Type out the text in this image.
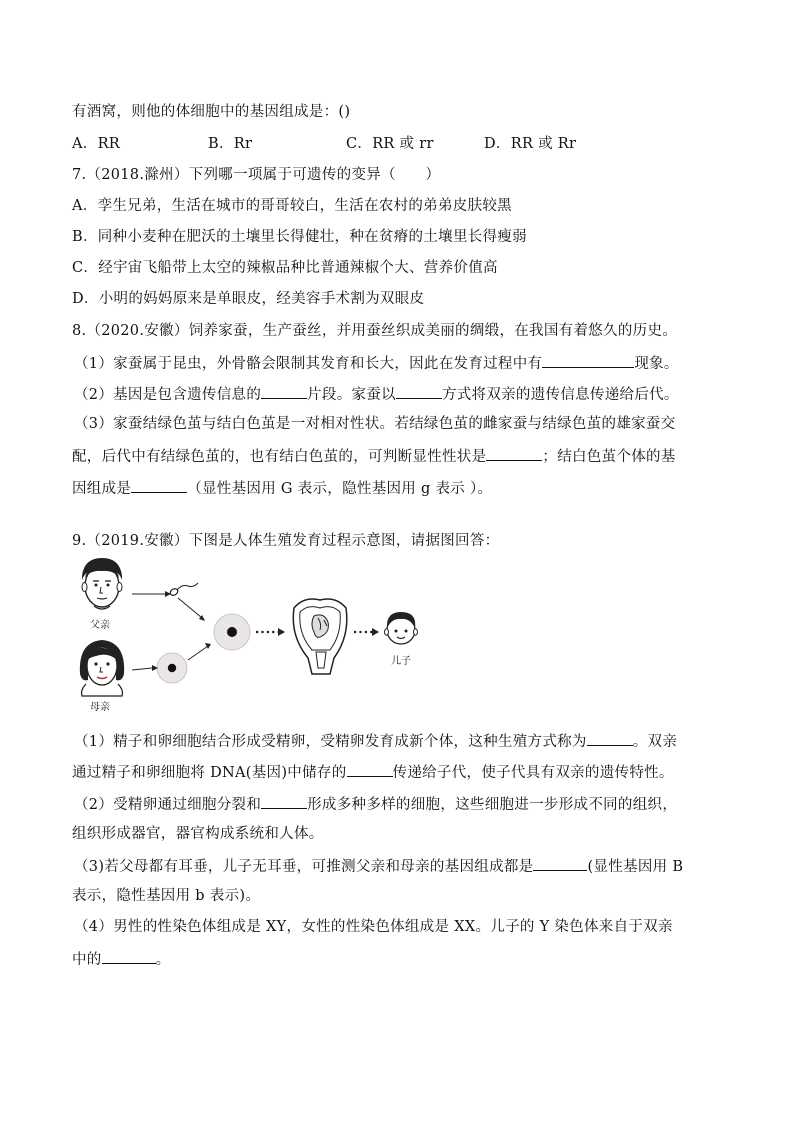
有酒窝，则他的体细胞中的基因组成是：()
A．RR	B．Rr	C．RR 或 rr	D．RR 或 Rr
7.（2018.滁州）下列哪一项属于可遗传的变异（　　）
A．孪生兄弟，生活在城市的哥哥较白，生活在农村的弟弟皮肤较黑
B．同种小麦种在肥沃的土壤里长得健壮，种在贫瘠的土壤里长得瘦弱
C．经宇宙飞船带上太空的辣椒品种比普通辣椒个大、营养价值高
D．小明的妈妈原来是单眼皮，经美容手术割为双眼皮
8.（2020.安徽）饲养家蚕，生产蚕丝，并用蚕丝织成美丽的绸缎，在我国有着悠久的历史。
（1）家蚕属于昆虫，外骨骼会限制其发育和长大，因此在发育过程中有	现象。
（2）基因是包含遗传信息的	片段。家蚕以	方式将双亲的遗传信息传递给后代。
（3）家蚕结绿色茧与结白色茧是一对相对性状。若结绿色茧的雌家蚕与结绿色茧的雄家蚕交
配，后代中有结绿色茧的，也有结白色茧的，可判断显性性状是	；结白色茧个体的基
因组成是	（显性基因用 G 表示，隐性基因用 g 表示 ）。
9.（2019.安徽）下图是人体生殖发育过程示意图，请据图回答：
父亲
母亲
儿子
（1）精子和卵细胞结合形成受精卵，受精卵发育成新个体，这种生殖方式称为	。双亲
通过精子和卵细胞将 DNA(基因)中储存的	传递给子代，使子代具有双亲的遗传特性。
（2）受精卵通过细胞分裂和	形成多种多样的细胞，这些细胞进一步形成不同的组织，
组织形成器官，器官构成系统和人体。
（3)若父母都有耳垂，儿子无耳垂，可推测父亲和母亲的基因组成都是	(显性基因用 B
表示，隐性基因用 b 表示)。
（4）男性的性染色体组成是 XY，女性的性染色体组成是 XX。儿子的 Y 染色体来自于双亲
中的	。
